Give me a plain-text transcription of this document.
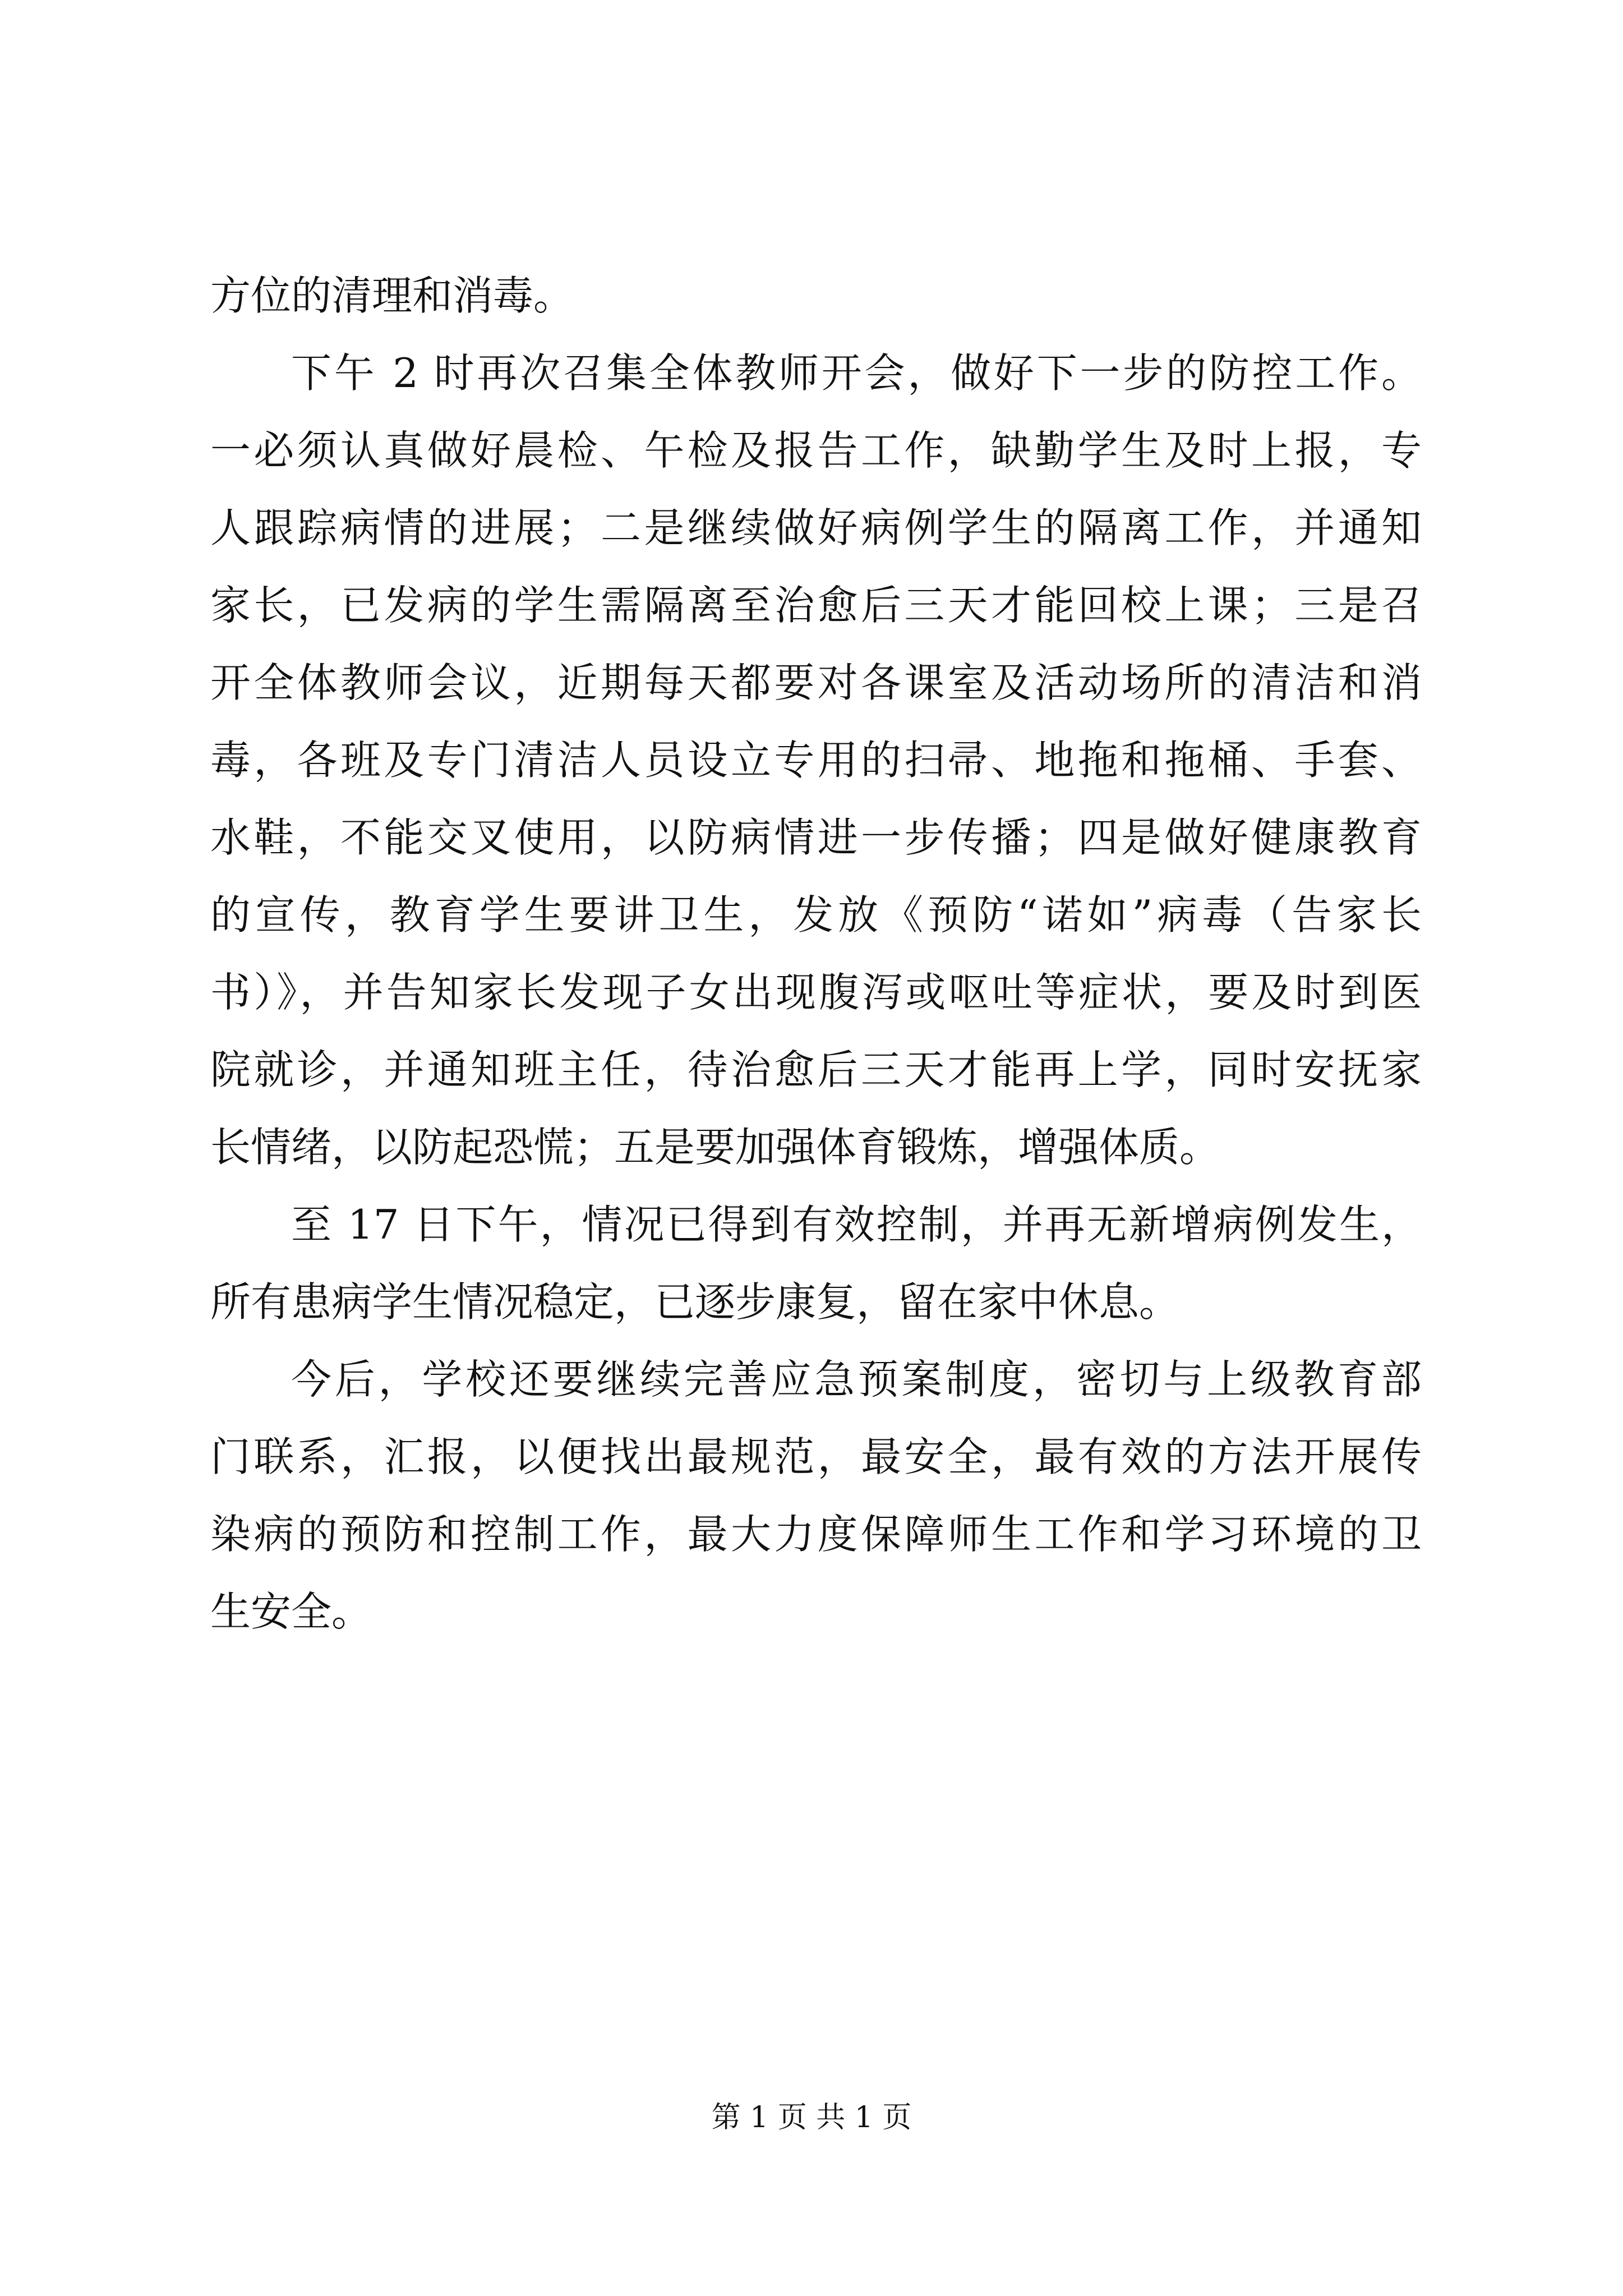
方位的清理和消毒。
下午 2 时再次召集全体教师开会，做好下一步的防控工作。
一必须认真做好晨检、午检及报告工作，缺勤学生及时上报，专
人跟踪病情的进展；二是继续做好病例学生的隔离工作，并通知
家长，已发病的学生需隔离至治愈后三天才能回校上课；三是召
开全体教师会议，近期每天都要对各课室及活动场所的清洁和消
毒，各班及专门清洁人员设立专用的扫帚、地拖和拖桶、手套、
水鞋，不能交叉使用，以防病情进一步传播；四是做好健康教育
的宣传，教育学生要讲卫生，发放《预防“诺如”病毒（告家长
书）》，并告知家长发现子女出现腹泻或呕吐等症状，要及时到医
院就诊，并通知班主任，待治愈后三天才能再上学，同时安抚家
长情绪，以防起恐慌；五是要加强体育锻炼，增强体质。
至 17 日下午，情况已得到有效控制，并再无新增病例发生，
所有患病学生情况稳定，已逐步康复，留在家中休息。
今后，学校还要继续完善应急预案制度，密切与上级教育部
门联系，汇报，以便找出最规范，最安全，最有效的方法开展传
染病的预防和控制工作，最大力度保障师生工作和学习环境的卫
生安全。
第 1 页 共 1 页
